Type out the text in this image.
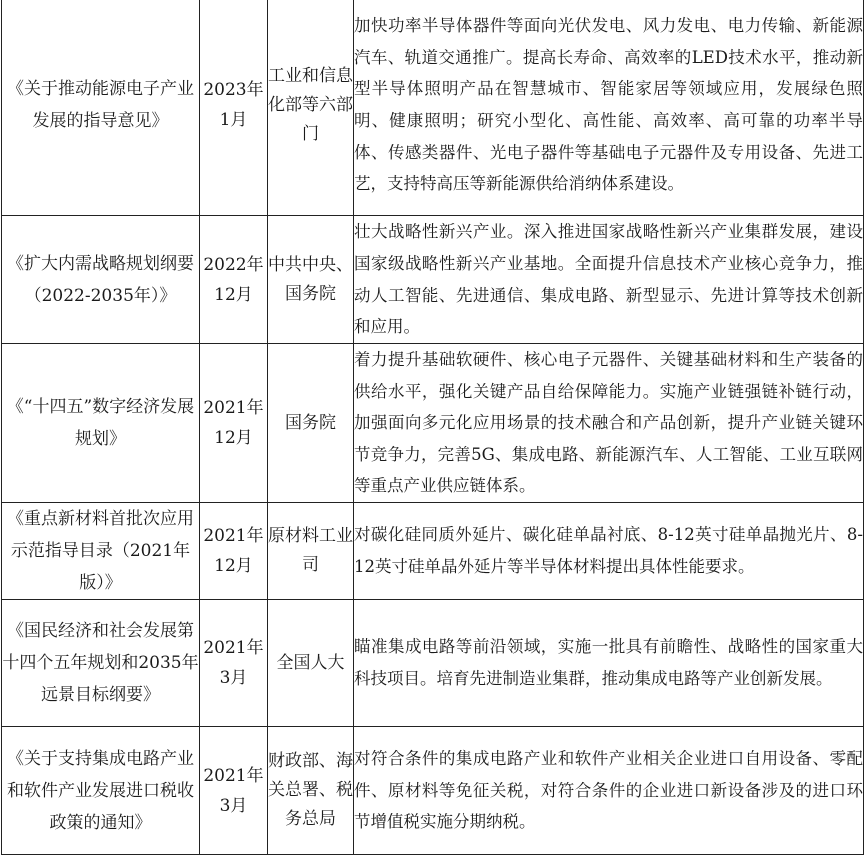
《关于推动能源电子产业发展的指导意见》	2023年1月	工业和信息化部等六部门	加快功率半导体器件等面向光伏发电、风力发电、电力传输、新能源汽车、轨道交通推广。提高长寿命、高效率的LED技术水平，推动新型半导体照明产品在智慧城市、智能家居等领域应用，发展绿色照明、健康照明；研究小型化、高性能、高效率、高可靠的功率半导体、传感类器件、光电子器件等基础电子元器件及专用设备、先进工艺，支持特高压等新能源供给消纳体系建设。

《扩大内需战略规划纲要（2022-2035年）》	2022年12月	中共中央、国务院	壮大战略性新兴产业。深入推进国家战略性新兴产业集群发展，建设国家级战略性新兴产业基地。全面提升信息技术产业核心竞争力，推动人工智能、先进通信、集成电路、新型显示、先进计算等技术创新和应用。

《“十四五”数字经济发展规划》	2021年12月	国务院	着力提升基础软硬件、核心电子元器件、关键基础材料和生产装备的供给水平，强化关键产品自给保障能力。实施产业链强链补链行动，加强面向多元化应用场景的技术融合和产品创新，提升产业链关键环节竞争力，完善5G、集成电路、新能源汽车、人工智能、工业互联网等重点产业供应链体系。

《重点新材料首批次应用示范指导目录（2021年版）》	2021年12月	原材料工业司	对碳化硅同质外延片、碳化硅单晶衬底、8-12英寸硅单晶抛光片、8-12英寸硅单晶外延片等半导体材料提出具体性能要求。

《国民经济和社会发展第十四个五年规划和2035年远景目标纲要》	2021年3月	全国人大	瞄准集成电路等前沿领域，实施一批具有前瞻性、战略性的国家重大科技项目。培育先进制造业集群，推动集成电路等产业创新发展。

《关于支持集成电路产业和软件产业发展进口税收政策的通知》	2021年3月	财政部、海关总署、税务总局	对符合条件的集成电路产业和软件产业相关企业进口自用设备、零配件、原材料等免征关税，对符合条件的企业进口新设备涉及的进口环节增值税实施分期纳税。
